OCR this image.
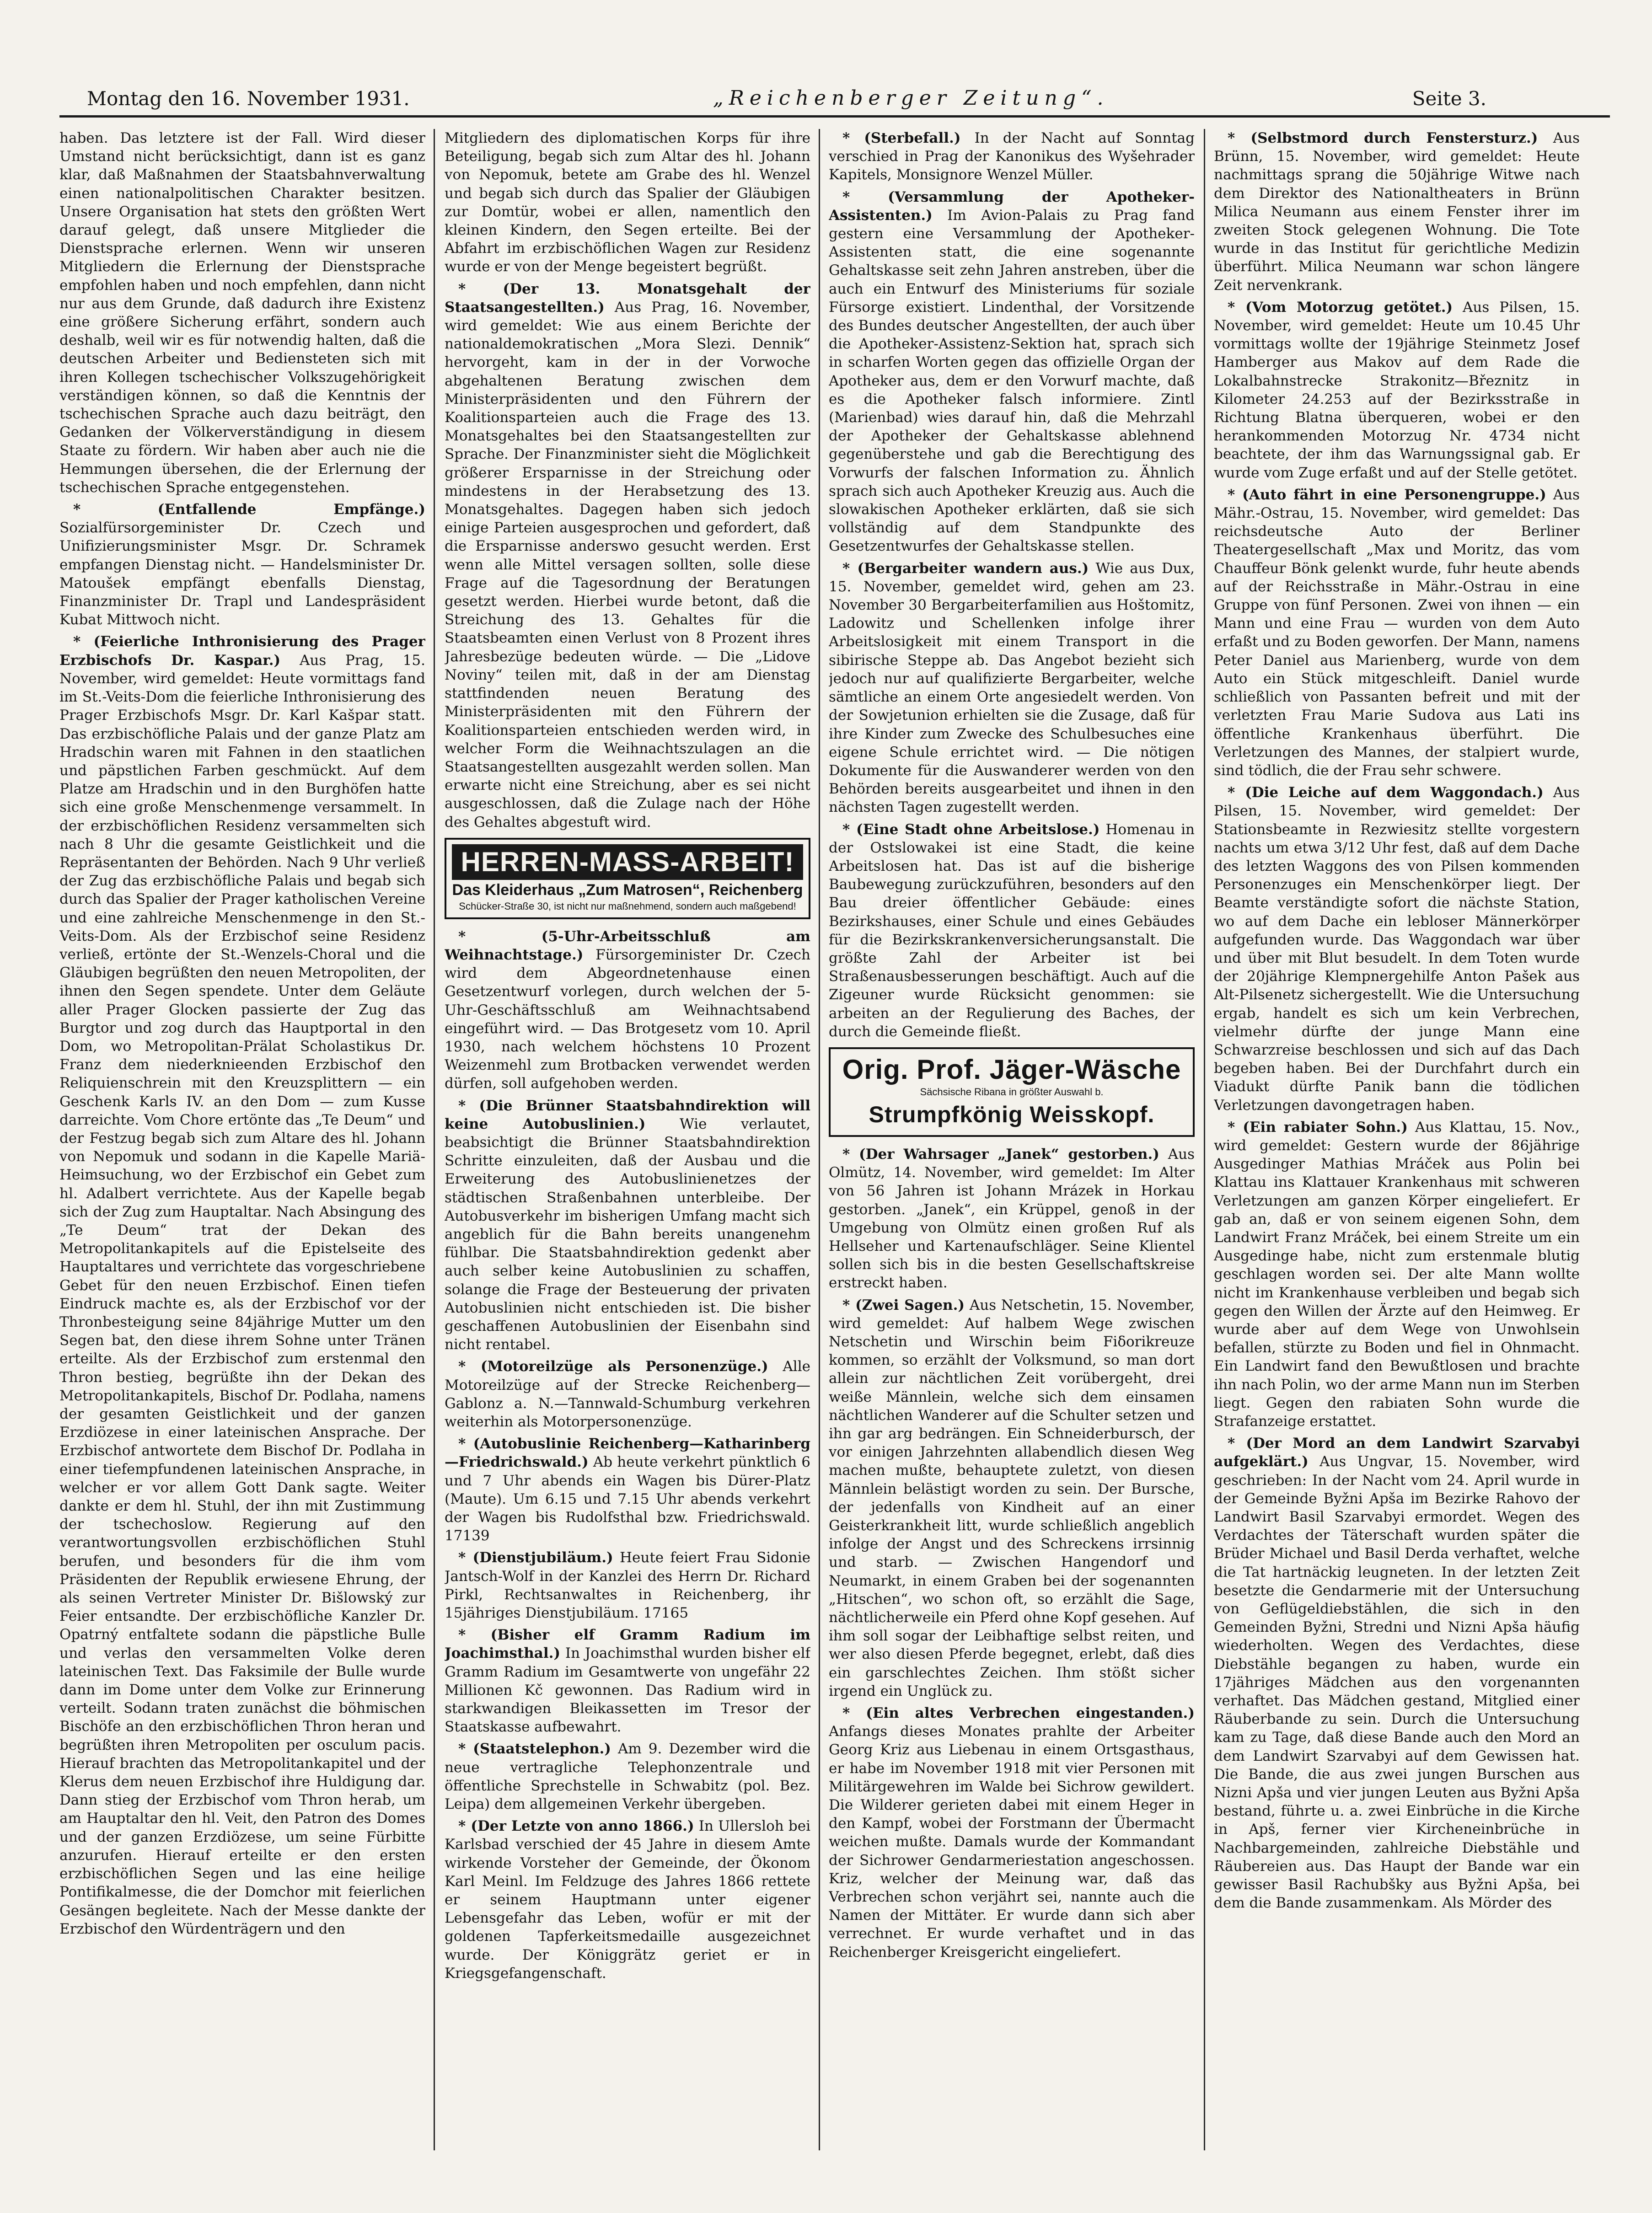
Montag den 16. November 1931.	„Reichenberger Zeitung“.	Seite 3.

haben. Das letztere ist der Fall. Wird dieser Umstand nicht berücksichtigt, dann ist es ganz klar, daß Maßnahmen der Staatsbahnverwaltung einen nationalpolitischen Charakter besitzen. Unsere Organisation hat stets den größten Wert darauf gelegt, daß unsere Mitglieder die Dienstsprache erlernen. Wenn wir unseren Mitgliedern die Erlernung der Dienstsprache empfohlen haben und noch empfehlen, dann nicht nur aus dem Grunde, daß dadurch ihre Existenz eine größere Sicherung erfährt, sondern auch deshalb, weil wir es für notwendig halten, daß die deutschen Arbeiter und Bediensteten sich mit ihren Kollegen tschechischer Volkszugehörigkeit verständigen können, so daß die Kenntnis der tschechischen Sprache auch dazu beiträgt, den Gedanken der Völkerverständigung in diesem Staate zu fördern. Wir haben aber auch nie die Hemmungen übersehen, die der Erlernung der tschechischen Sprache entgegenstehen.

* (Entfallende Empfänge.) Sozialfürsorgeminister Dr. Czech und Unifizierungsminister Msgr. Dr. Schramek empfangen Dienstag nicht. — Handelsminister Dr. Matoušek empfängt ebenfalls Dienstag, Finanzminister Dr. Trapl und Landespräsident Kubat Mittwoch nicht.

* (Feierliche Inthronisierung des Prager Erzbischofs Dr. Kaspar.) Aus Prag, 15. November, wird gemeldet: Heute vormittags fand im St.-Veits-Dom die feierliche Inthronisierung des Prager Erzbischofs Msgr. Dr. Karl Kašpar statt. Das erzbischöfliche Palais und der ganze Platz am Hradschin waren mit Fahnen in den staatlichen und päpstlichen Farben geschmückt. Auf dem Platze am Hradschin und in den Burghöfen hatte sich eine große Menschenmenge versammelt. In der erzbischöflichen Residenz versammelten sich nach 8 Uhr die gesamte Geistlichkeit und die Repräsentanten der Behörden. Nach 9 Uhr verließ der Zug das erzbischöfliche Palais und begab sich durch das Spalier der Prager katholischen Vereine und eine zahlreiche Menschenmenge in den St.-Veits-Dom. Als der Erzbischof seine Residenz verließ, ertönte der St.-Wenzels-Choral und die Gläubigen begrüßten den neuen Metropoliten, der ihnen den Segen spendete. Unter dem Geläute aller Prager Glocken passierte der Zug das Burgtor und zog durch das Hauptportal in den Dom, wo Metropolitan-Prälat Scholastikus Dr. Franz dem niederknieenden Erzbischof den Reliquienschrein mit den Kreuzsplittern — ein Geschenk Karls IV. an den Dom — zum Kusse darreichte. Vom Chore ertönte das „Te Deum“ und der Festzug begab sich zum Altare des hl. Johann von Nepomuk und sodann in die Kapelle Mariä-Heimsuchung, wo der Erzbischof ein Gebet zum hl. Adalbert verrichtete. Aus der Kapelle begab sich der Zug zum Hauptaltar. Nach Absingung des „Te Deum“ trat der Dekan des Metropolitankapitels auf die Epistelseite des Hauptaltares und verrichtete das vorgeschriebene Gebet für den neuen Erzbischof. Einen tiefen Eindruck machte es, als der Erzbischof vor der Thronbesteigung seine 84jährige Mutter um den Segen bat, den diese ihrem Sohne unter Tränen erteilte. Als der Erzbischof zum erstenmal den Thron bestieg, begrüßte ihn der Dekan des Metropolitankapitels, Bischof Dr. Podlaha, namens der gesamten Geistlichkeit und der ganzen Erzdiözese in einer lateinischen Ansprache. Der Erzbischof antwortete dem Bischof Dr. Podlaha in einer tiefempfundenen lateinischen Ansprache, in welcher er vor allem Gott Dank sagte. Weiter dankte er dem hl. Stuhl, der ihn mit Zustimmung der tschechoslow. Regierung auf den verantwortungsvollen erzbischöflichen Stuhl berufen, und besonders für die ihm vom Präsidenten der Republik erwiesene Ehrung, der als seinen Vertreter Minister Dr. Bišlowský zur Feier entsandte. Der erzbischöfliche Kanzler Dr. Opatrný entfaltete sodann die päpstliche Bulle und verlas den versammelten Volke deren lateinischen Text. Das Faksimile der Bulle wurde dann im Dome unter dem Volke zur Erinnerung verteilt. Sodann traten zunächst die böhmischen Bischöfe an den erzbischöflichen Thron heran und begrüßten ihren Metropoliten per osculum pacis. Hierauf brachten das Metropolitankapitel und der Klerus dem neuen Erzbischof ihre Huldigung dar. Dann stieg der Erzbischof vom Thron herab, um am Hauptaltar den hl. Veit, den Patron des Domes und der ganzen Erzdiözese, um seine Fürbitte anzurufen. Hierauf erteilte er den ersten erzbischöflichen Segen und las eine heilige Pontifikalmesse, die der Domchor mit feierlichen Gesängen begleitete. Nach der Messe dankte der Erzbischof den Würdenträgern und den

Mitgliedern des diplomatischen Korps für ihre Beteiligung, begab sich zum Altar des hl. Johann von Nepomuk, betete am Grabe des hl. Wenzel und begab sich durch das Spalier der Gläubigen zur Domtür, wobei er allen, namentlich den kleinen Kindern, den Segen erteilte. Bei der Abfahrt im erzbischöflichen Wagen zur Residenz wurde er von der Menge begeistert begrüßt.

* (Der 13. Monatsgehalt der Staatsangestellten.) Aus Prag, 16. November, wird gemeldet: Wie aus einem Berichte der nationaldemokratischen „Mora Slezi. Dennik“ hervorgeht, kam in der in der Vorwoche abgehaltenen Beratung zwischen dem Ministerpräsidenten und den Führern der Koalitionsparteien auch die Frage des 13. Monatsgehaltes bei den Staatsangestellten zur Sprache. Der Finanzminister sieht die Möglichkeit größerer Ersparnisse in der Streichung oder mindestens in der Herabsetzung des 13. Monatsgehaltes. Dagegen haben sich jedoch einige Parteien ausgesprochen und gefordert, daß die Ersparnisse anderswo gesucht werden. Erst wenn alle Mittel versagen sollten, solle diese Frage auf die Tagesordnung der Beratungen gesetzt werden. Hierbei wurde betont, daß die Streichung des 13. Gehaltes für die Staatsbeamten einen Verlust von 8 Prozent ihres Jahresbezüge bedeuten würde. — Die „Lidove Noviny“ teilen mit, daß in der am Dienstag stattfindenden neuen Beratung des Ministerpräsidenten mit den Führern der Koalitionsparteien entschieden werden wird, in welcher Form die Weihnachtszulagen an die Staatsangestellten ausgezahlt werden sollen. Man erwarte nicht eine Streichung, aber es sei nicht ausgeschlossen, daß die Zulage nach der Höhe des Gehaltes abgestuft wird.

HERREN-MASS-ARBEIT!
Das Kleiderhaus „Zum Matrosen“, Reichenberg
Schücker-Straße 30, ist nicht nur maßnehmend, sondern auch maßgebend!

* (5-Uhr-Arbeitsschluß am Weihnachtstage.) Fürsorgeminister Dr. Czech wird dem Abgeordnetenhause einen Gesetzentwurf vorlegen, durch welchen der 5-Uhr-Geschäftsschluß am Weihnachtsabend eingeführt wird. — Das Brotgesetz vom 10. April 1930, nach welchem höchstens 10 Prozent Weizenmehl zum Brotbacken verwendet werden dürfen, soll aufgehoben werden.

* (Die Brünner Staatsbahndirektion will keine Autobuslinien.) Wie verlautet, beabsichtigt die Brünner Staatsbahndirektion Schritte einzuleiten, daß der Ausbau und die Erweiterung des Autobuslinienetzes der städtischen Straßenbahnen unterbleibe. Der Autobusverkehr im bisherigen Umfang macht sich angeblich für die Bahn bereits unangenehm fühlbar. Die Staatsbahndirektion gedenkt aber auch selber keine Autobuslinien zu schaffen, solange die Frage der Besteuerung der privaten Autobuslinien nicht entschieden ist. Die bisher geschaffenen Autobuslinien der Eisenbahn sind nicht rentabel.

* (Motoreilzüge als Personenzüge.) Alle Motoreilzüge auf der Strecke Reichenberg—Gablonz a. N.—Tannwald-Schumburg verkehren weiterhin als Motorpersonenzüge.

* (Autobuslinie Reichenberg—Katharinberg—Friedrichswald.) Ab heute verkehrt pünktlich 6 und 7 Uhr abends ein Wagen bis Dürer-Platz (Maute). Um 6.15 und 7.15 Uhr abends verkehrt der Wagen bis Rudolfsthal bzw. Friedrichswald. 17139

* (Dienstjubiläum.) Heute feiert Frau Sidonie Jantsch-Wolf in der Kanzlei des Herrn Dr. Richard Pirkl, Rechtsanwaltes in Reichenberg, ihr 15jähriges Dienstjubiläum. 17165

* (Bisher elf Gramm Radium im Joachimsthal.) In Joachimsthal wurden bisher elf Gramm Radium im Gesamtwerte von ungefähr 22 Millionen Kč gewonnen. Das Radium wird in starkwandigen Bleikassetten im Tresor der Staatskasse aufbewahrt.

* (Staatstelephon.) Am 9. Dezember wird die neue vertragliche Telephonzentrale und öffentliche Sprechstelle in Schwabitz (pol. Bez. Leipa) dem allgemeinen Verkehr übergeben.

* (Der Letzte von anno 1866.) In Ullersloh bei Karlsbad verschied der 45 Jahre in diesem Amte wirkende Vorsteher der Gemeinde, der Ökonom Karl Meinl. Im Feldzuge des Jahres 1866 rettete er seinem Hauptmann unter eigener Lebensgefahr das Leben, wofür er mit der goldenen Tapferkeitsmedaille ausgezeichnet wurde. Der Königgrätz geriet er in Kriegsgefangenschaft.

* (Sterbefall.) In der Nacht auf Sonntag verschied in Prag der Kanonikus des Wyšehrader Kapitels, Monsignore Wenzel Müller.

* (Versammlung der Apotheker-Assistenten.) Im Avion-Palais zu Prag fand gestern eine Versammlung der Apotheker-Assistenten statt, die eine sogenannte Gehaltskasse seit zehn Jahren anstreben, über die auch ein Entwurf des Ministeriums für soziale Fürsorge existiert. Lindenthal, der Vorsitzende des Bundes deutscher Angestellten, der auch über die Apotheker-Assistenz-Sektion hat, sprach sich in scharfen Worten gegen das offizielle Organ der Apotheker aus, dem er den Vorwurf machte, daß es die Apotheker falsch informiere. Zintl (Marienbad) wies darauf hin, daß die Mehrzahl der Apotheker der Gehaltskasse ablehnend gegenüberstehe und gab die Berechtigung des Vorwurfs der falschen Information zu. Ähnlich sprach sich auch Apotheker Kreuzig aus. Auch die slowakischen Apotheker erklärten, daß sie sich vollständig auf dem Standpunkte des Gesetzentwurfes der Gehaltskasse stellen.

* (Bergarbeiter wandern aus.) Wie aus Dux, 15. November, gemeldet wird, gehen am 23. November 30 Bergarbeiterfamilien aus Hoštomitz, Ladowitz und Schellenken infolge ihrer Arbeitslosigkeit mit einem Transport in die sibirische Steppe ab. Das Angebot bezieht sich jedoch nur auf qualifizierte Bergarbeiter, welche sämtliche an einem Orte angesiedelt werden. Von der Sowjetunion erhielten sie die Zusage, daß für ihre Kinder zum Zwecke des Schulbesuches eine eigene Schule errichtet wird. — Die nötigen Dokumente für die Auswanderer werden von den Behörden bereits ausgearbeitet und ihnen in den nächsten Tagen zugestellt werden.

* (Eine Stadt ohne Arbeitslose.) Homenau in der Ostslowakei ist eine Stadt, die keine Arbeitslosen hat. Das ist auf die bisherige Baubewegung zurückzuführen, besonders auf den Bau dreier öffentlicher Gebäude: eines Bezirkshauses, einer Schule und eines Gebäudes für die Bezirkskrankenversicherungsanstalt. Die größte Zahl der Arbeiter ist bei Straßenausbesserungen beschäftigt. Auch auf die Zigeuner wurde Rücksicht genommen: sie arbeiten an der Regulierung des Baches, der durch die Gemeinde fließt.

Orig. Prof. Jäger-Wäsche
Sächsische Ribana in größter Auswahl b.
Strumpfkönig Weisskopf.

* (Der Wahrsager „Janek“ gestorben.) Aus Olmütz, 14. November, wird gemeldet: Im Alter von 56 Jahren ist Johann Mrázek in Horkau gestorben. „Janek“, ein Krüppel, genoß in der Umgebung von Olmütz einen großen Ruf als Hellseher und Kartenaufschläger. Seine Klientel sollen sich bis in die besten Gesellschaftskreise erstreckt haben.

* (Zwei Sagen.) Aus Netschetin, 15. November, wird gemeldet: Auf halbem Wege zwischen Netschetin und Wirschin beim Fiδorikreuze kommen, so erzählt der Volksmund, so man dort allein zur nächtlichen Zeit vorübergeht, drei weiße Männlein, welche sich dem einsamen nächtlichen Wanderer auf die Schulter setzen und ihn gar arg bedrängen. Ein Schneiderbursch, der vor einigen Jahrzehnten allabendlich diesen Weg machen mußte, behauptete zuletzt, von diesen Männlein belästigt worden zu sein. Der Bursche, der jedenfalls von Kindheit auf an einer Geisterkrankheit litt, wurde schließlich angeblich infolge der Angst und des Schreckens irrsinnig und starb. — Zwischen Hangendorf und Neumarkt, in einem Graben bei der sogenannten „Hitschen“, wo schon oft, so erzählt die Sage, nächtlicherweile ein Pferd ohne Kopf gesehen. Auf ihm soll sogar der Leibhaftige selbst reiten, und wer also diesen Pferde begegnet, erlebt, daß dies ein garschlechtes Zeichen. Ihm stößt sicher irgend ein Unglück zu.

* (Ein altes Verbrechen eingestanden.) Anfangs dieses Monates prahlte der Arbeiter Georg Kriz aus Liebenau in einem Ortsgasthaus, er habe im November 1918 mit vier Personen mit Militärgewehren im Walde bei Sichrow gewildert. Die Wilderer gerieten dabei mit einem Heger in den Kampf, wobei der Forstmann der Übermacht weichen mußte. Damals wurde der Kommandant der Sichrower Gendarmeriestation angeschossen. Kriz, welcher der Meinung war, daß das Verbrechen schon verjährt sei, nannte auch die Namen der Mittäter. Er wurde dann sich aber verrechnet. Er wurde verhaftet und in das Reichenberger Kreisgericht eingeliefert.

* (Selbstmord durch Fenstersturz.) Aus Brünn, 15. November, wird gemeldet: Heute nachmittags sprang die 50jährige Witwe nach dem Direktor des Nationaltheaters in Brünn Milica Neumann aus einem Fenster ihrer im zweiten Stock gelegenen Wohnung. Die Tote wurde in das Institut für gerichtliche Medizin überführt. Milica Neumann war schon längere Zeit nervenkrank.

* (Vom Motorzug getötet.) Aus Pilsen, 15. November, wird gemeldet: Heute um 10.45 Uhr vormittags wollte der 19jährige Steinmetz Josef Hamberger aus Makov auf dem Rade die Lokalbahnstrecke Strakonitz—Březnitz in Kilometer 24.253 auf der Bezirksstraße in Richtung Blatna überqueren, wobei er den herankommenden Motorzug Nr. 4734 nicht beachtete, der ihm das Warnungssignal gab. Er wurde vom Zuge erfaßt und auf der Stelle getötet.

* (Auto fährt in eine Personengruppe.) Aus Mähr.-Ostrau, 15. November, wird gemeldet: Das reichsdeutsche Auto der Berliner Theatergesellschaft „Max und Moritz, das vom Chauffeur Bönk gelenkt wurde, fuhr heute abends auf der Reichsstraße in Mähr.-Ostrau in eine Gruppe von fünf Personen. Zwei von ihnen — ein Mann und eine Frau — wurden von dem Auto erfaßt und zu Boden geworfen. Der Mann, namens Peter Daniel aus Marienberg, wurde von dem Auto ein Stück mitgeschleift. Daniel wurde schließlich von Passanten befreit und mit der verletzten Frau Marie Sudova aus Lati ins öffentliche Krankenhaus überführt. Die Verletzungen des Mannes, der stalpiert wurde, sind tödlich, die der Frau sehr schwere.

* (Die Leiche auf dem Waggondach.) Aus Pilsen, 15. November, wird gemeldet: Der Stationsbeamte in Rezwiesitz stellte vorgestern nachts um etwa 3/12 Uhr fest, daß auf dem Dache des letzten Waggons des von Pilsen kommenden Personenzuges ein Menschenkörper liegt. Der Beamte verständigte sofort die nächste Station, wo auf dem Dache ein lebloser Männerkörper aufgefunden wurde. Das Waggondach war über und über mit Blut besudelt. In dem Toten wurde der 20jährige Klempnergehilfe Anton Pašek aus Alt-Pilsenetz sichergestellt. Wie die Untersuchung ergab, handelt es sich um kein Verbrechen, vielmehr dürfte der junge Mann eine Schwarzreise beschlossen und sich auf das Dach begeben haben. Bei der Durchfahrt durch ein Viadukt dürfte Panik bann die tödlichen Verletzungen davongetragen haben.

* (Ein rabiater Sohn.) Aus Klattau, 15. Nov., wird gemeldet: Gestern wurde der 86jährige Ausgedinger Mathias Mráček aus Polin bei Klattau ins Klattauer Krankenhaus mit schweren Verletzungen am ganzen Körper eingeliefert. Er gab an, daß er von seinem eigenen Sohn, dem Landwirt Franz Mráček, bei einem Streite um ein Ausgedinge habe, nicht zum erstenmale blutig geschlagen worden sei. Der alte Mann wollte nicht im Krankenhause verbleiben und begab sich gegen den Willen der Ärzte auf den Heimweg. Er wurde aber auf dem Wege von Unwohlsein befallen, stürzte zu Boden und fiel in Ohnmacht. Ein Landwirt fand den Bewußtlosen und brachte ihn nach Polin, wo der arme Mann nun im Sterben liegt. Gegen den rabiaten Sohn wurde die Strafanzeige erstattet.

* (Der Mord an dem Landwirt Szarvabyi aufgeklärt.) Aus Ungvar, 15. November, wird geschrieben: In der Nacht vom 24. April wurde in der Gemeinde Byžni Apša im Bezirke Rahovo der Landwirt Basil Szarvabyi ermordet. Wegen des Verdachtes der Täterschaft wurden später die Brüder Michael und Basil Derda verhaftet, welche die Tat hartnäckig leugneten. In der letzten Zeit besetzte die Gendarmerie mit der Untersuchung von Geflügeldiebstählen, die sich in den Gemeinden Byžni, Stredni und Nizni Apša häufig wiederholten. Wegen des Verdachtes, diese Diebstähle begangen zu haben, wurde ein 17jähriges Mädchen aus den vorgenannten verhaftet. Das Mädchen gestand, Mitglied einer Räuberbande zu sein. Durch die Untersuchung kam zu Tage, daß diese Bande auch den Mord an dem Landwirt Szarvabyi auf dem Gewissen hat. Die Bande, die aus zwei jungen Burschen aus Nizni Apša und vier jungen Leuten aus Byžni Apša bestand, führte u. a. zwei Einbrüche in die Kirche in Apš, ferner vier Kircheneinbrüche in Nachbargemeinden, zahlreiche Diebstähle und Räubereien aus. Das Haupt der Bande war ein gewisser Basil Rachubšky aus Byžni Apša, bei dem die Bande zusammenkam. Als Mörder des
